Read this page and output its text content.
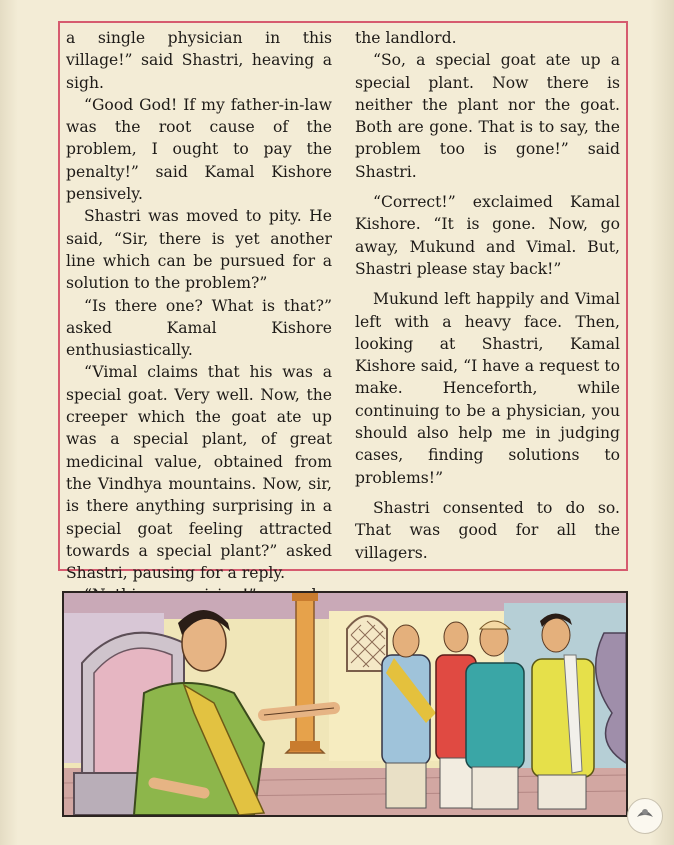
a single physician in this village!” said Shastri, heaving a sigh.

“Good God! If my father-in-law was the root cause of the problem, I ought to pay the penalty!” said Kamal Kishore pensively.

Shastri was moved to pity. He said, “Sir, there is yet another line which can be pursued for a solution to the problem?”

“Is there one? What is that?” asked Kamal Kishore enthusiastically.

“Vimal claims that his was a special goat. Very well. Now, the creeper which the goat ate up was a special plant, of great medicinal value, obtained from the Vindhya mountains. Now, sir, is there anything surprising in a special goat feeling attracted towards a special plant?” asked Shastri, pausing for a reply.

the landlord.

“So, a special goat ate up a special plant. Now there is neither the plant nor the goat. Both are gone. That is to say, the problem too is gone!” said Shastri.

“Correct!” exclaimed Kamal Kishore. “It is gone. Now, go away, Mukund and Vimal. But, Shastri please stay back!”

Mukund left happily and Vimal left with a heavy face. Then, looking at Shastri, Kamal Kishore said, “I have a request to make. Henceforth, while continuing to be a physician, you should also help me in judging cases, finding solutions to problems!”

Shastri consented to do so. That was good for all the villagers.
